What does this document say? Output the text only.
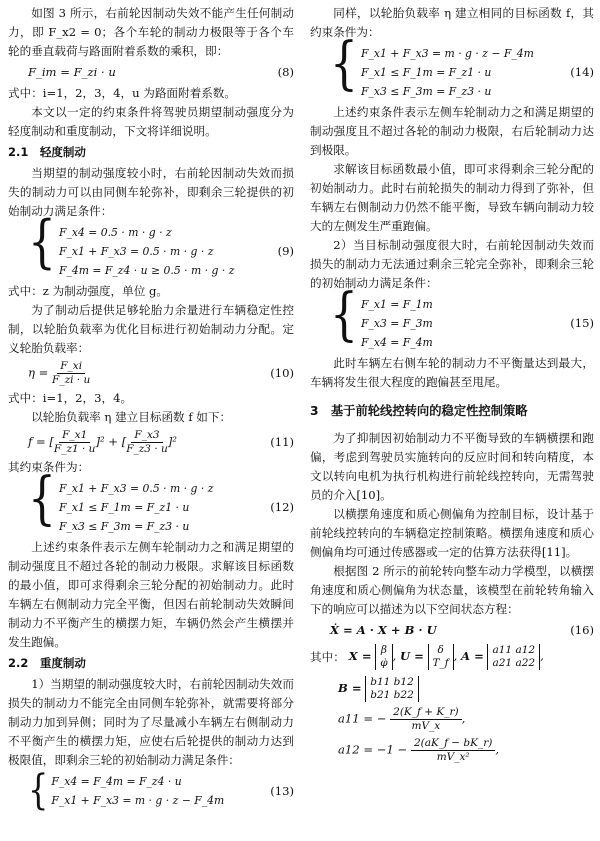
如图 3 所示，右前轮因制动失效不能产生任何制动力，即 F_x2 = 0；各个车轮的制动力极限等于各个车轮的垂直载荷与路面附着系数的乘积，即：

F_im = F_zi · u	(8)

式中：i=1，2，3，4，u 为路面附着系数。

本文以一定的约束条件将驾驶员期望制动强度分为轻度制动和重度制动，下文将详细说明。

2.1　轻度制动

当期望的制动强度较小时，右前轮因制动失效而损失的制动力可以由同侧车轮弥补，即剩余三轮提供的初始制动力满足条件：

{ F_x4 = 0.5 · m · g · z
F_x1 + F_x3 = 0.5 · m · g · z
F_4m = F_z4 · u ≥ 0.5 · m · g · z
(9)

式中：z 为制动强度，单位 g。

为了制动后提供足够轮胎力余量进行车辆稳定性控制，以轮胎负载率为优化目标进行初始制动力分配。定义轮胎负载率：

$\eta = \frac{F\_xi}{F\_zi \cdot u}$	(10)

式中：i=1，2，3，4。

以轮胎负载率 η 建立目标函数 f 如下：

f = [ $\frac{F\_x1}{F\_z1 \cdot u} ]^2$ + [ $\frac{F\_x3}{F\_z3 \cdot u} ]^2$	(11)

其约束条件为：

{ F_x1 + F_x3 = 0.5 · m · g · z
F_x1 ≤ F_1m = F_z1 · u
F_x3 ≤ F_3m = F_z3 · u
(12)

上述约束条件表示左侧车轮制动力之和满足期望的制动强度且不超过各轮的制动力极限。求解该目标函数的最小值，即可求得剩余三轮分配的初始制动力。此时车辆左右侧制动力完全平衡，但因右前轮制动失效瞬间制动力不平衡产生的横摆力矩，车辆仍然会产生横摆并发生跑偏。

2.2　重度制动

1）当期望的制动强度较大时，右前轮因制动失效而损失的制动力不能完全由同侧车轮弥补，就需要将部分制动力加到异侧；同时为了尽量减小车辆左右侧制动力不平衡产生的横摆力矩，应使右后轮提供的制动力达到极限值，即剩余三轮的初始制动力满足条件：

{ F_x4 = F_4m = F_z4 · u
F_x1 + F_x3 = m · g · z − F_4m
(13)

同样，以轮胎负载率 η 建立相同的目标函数 f，其约束条件为：

{ F_x1 + F_x3 = m · g · z − F_4m
F_x1 ≤ F_1m = F_z1 · u
F_x3 ≤ F_3m = F_z3 · u
(14)

上述约束条件表示左侧车轮制动力之和满足期望的制动强度且不超过各轮的制动力极限，右后轮制动力达到极限。

求解该目标函数最小值，即可求得剩余三轮分配的初始制动力。此时右前轮损失的制动力得到了弥补，但车辆左右侧制动力仍然不能平衡，导致车辆向制动力较大的左侧发生严重跑偏。

2）当目标制动强度很大时，右前轮因制动失效而损失的制动力无法通过剩余三轮完全弥补，即剩余三轮的初始制动力满足条件：

{ F_x1 = F_1m
F_x3 = F_3m
F_x4 = F_4m
(15)

此时车辆左右侧车轮的制动力不平衡量达到最大，车辆将发生很大程度的跑偏甚至甩尾。

3　基于前轮线控转向的稳定性控制策略

为了抑制因初始制动力不平衡导致的车辆横摆和跑偏，考虑到驾驶员实施转向的反应时间和转向精度，本文以转向电机为执行机构进行前轮线控转向，无需驾驶员的介入[10]。

以横摆角速度和质心侧偏角为控制目标，设计基于前轮线控转向的车辆稳定控制策略。横摆角速度和质心侧偏角均可通过传感器或一定的估算方法获得[11]。

根据图 2 所示的前轮转向整车动力学模型，以横摆角速度和质心侧偏角为状态量，该模型在前轮转角输入下的响应可以描述为以下空间状态方程：

Ẋ = A · X + B · U	(16)
其中： X = β
φ̇ , U =	δ
T_f , A = a11 a12
a21 a22 ,
B = b11 b12
b21 b22
a11 = − $\frac{2(K\_f + K\_r)}{mV\_x}$ ,
$a12 = -1 - \frac{2(aK\_f - bK\_r)}{\text{mV\_x²}}$ ,
